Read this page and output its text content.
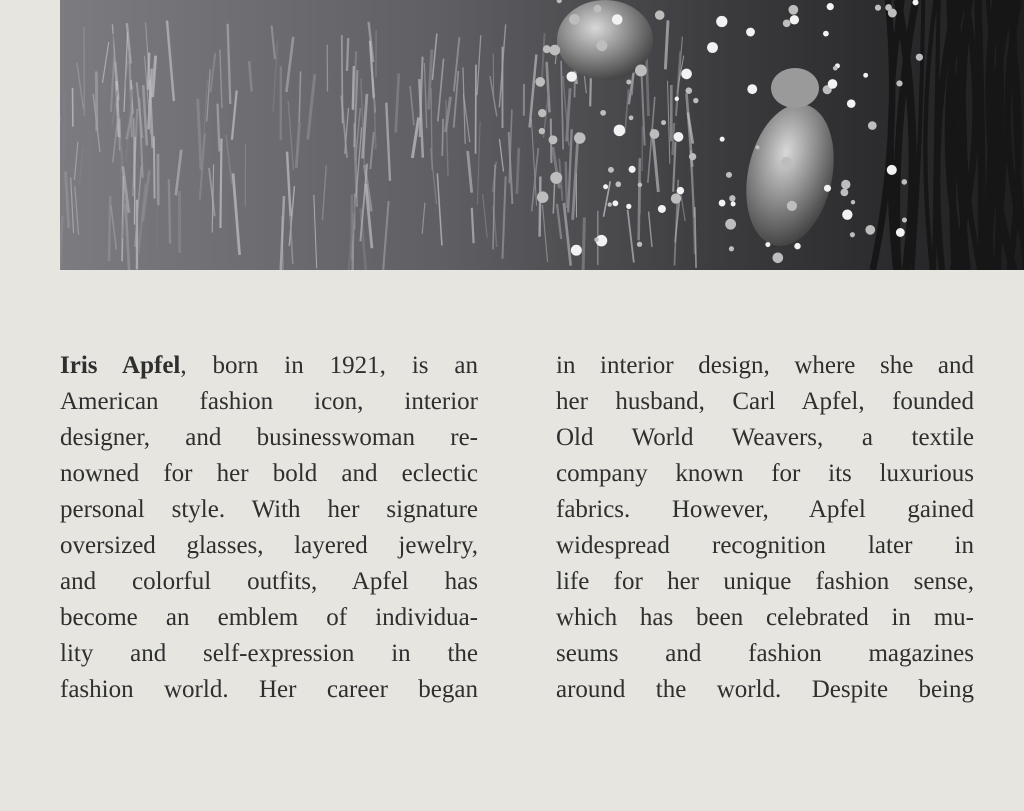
Iris Apfel, born in 1921, is an
American fashion icon, interior
designer, and businesswoman re-
nowned for her bold and eclectic
personal style. With her signature
oversized glasses, layered jewelry,
and colorful outfits, Apfel has
become an emblem of individua-
lity and self-expression in the
fashion world. Her career began
in interior design, where she and
her husband, Carl Apfel, founded
Old World Weavers, a textile
company known for its luxurious
fabrics. However, Apfel gained
widespread recognition later in
life for her unique fashion sense,
which has been celebrated in mu-
seums and fashion magazines
around the world. Despite being
